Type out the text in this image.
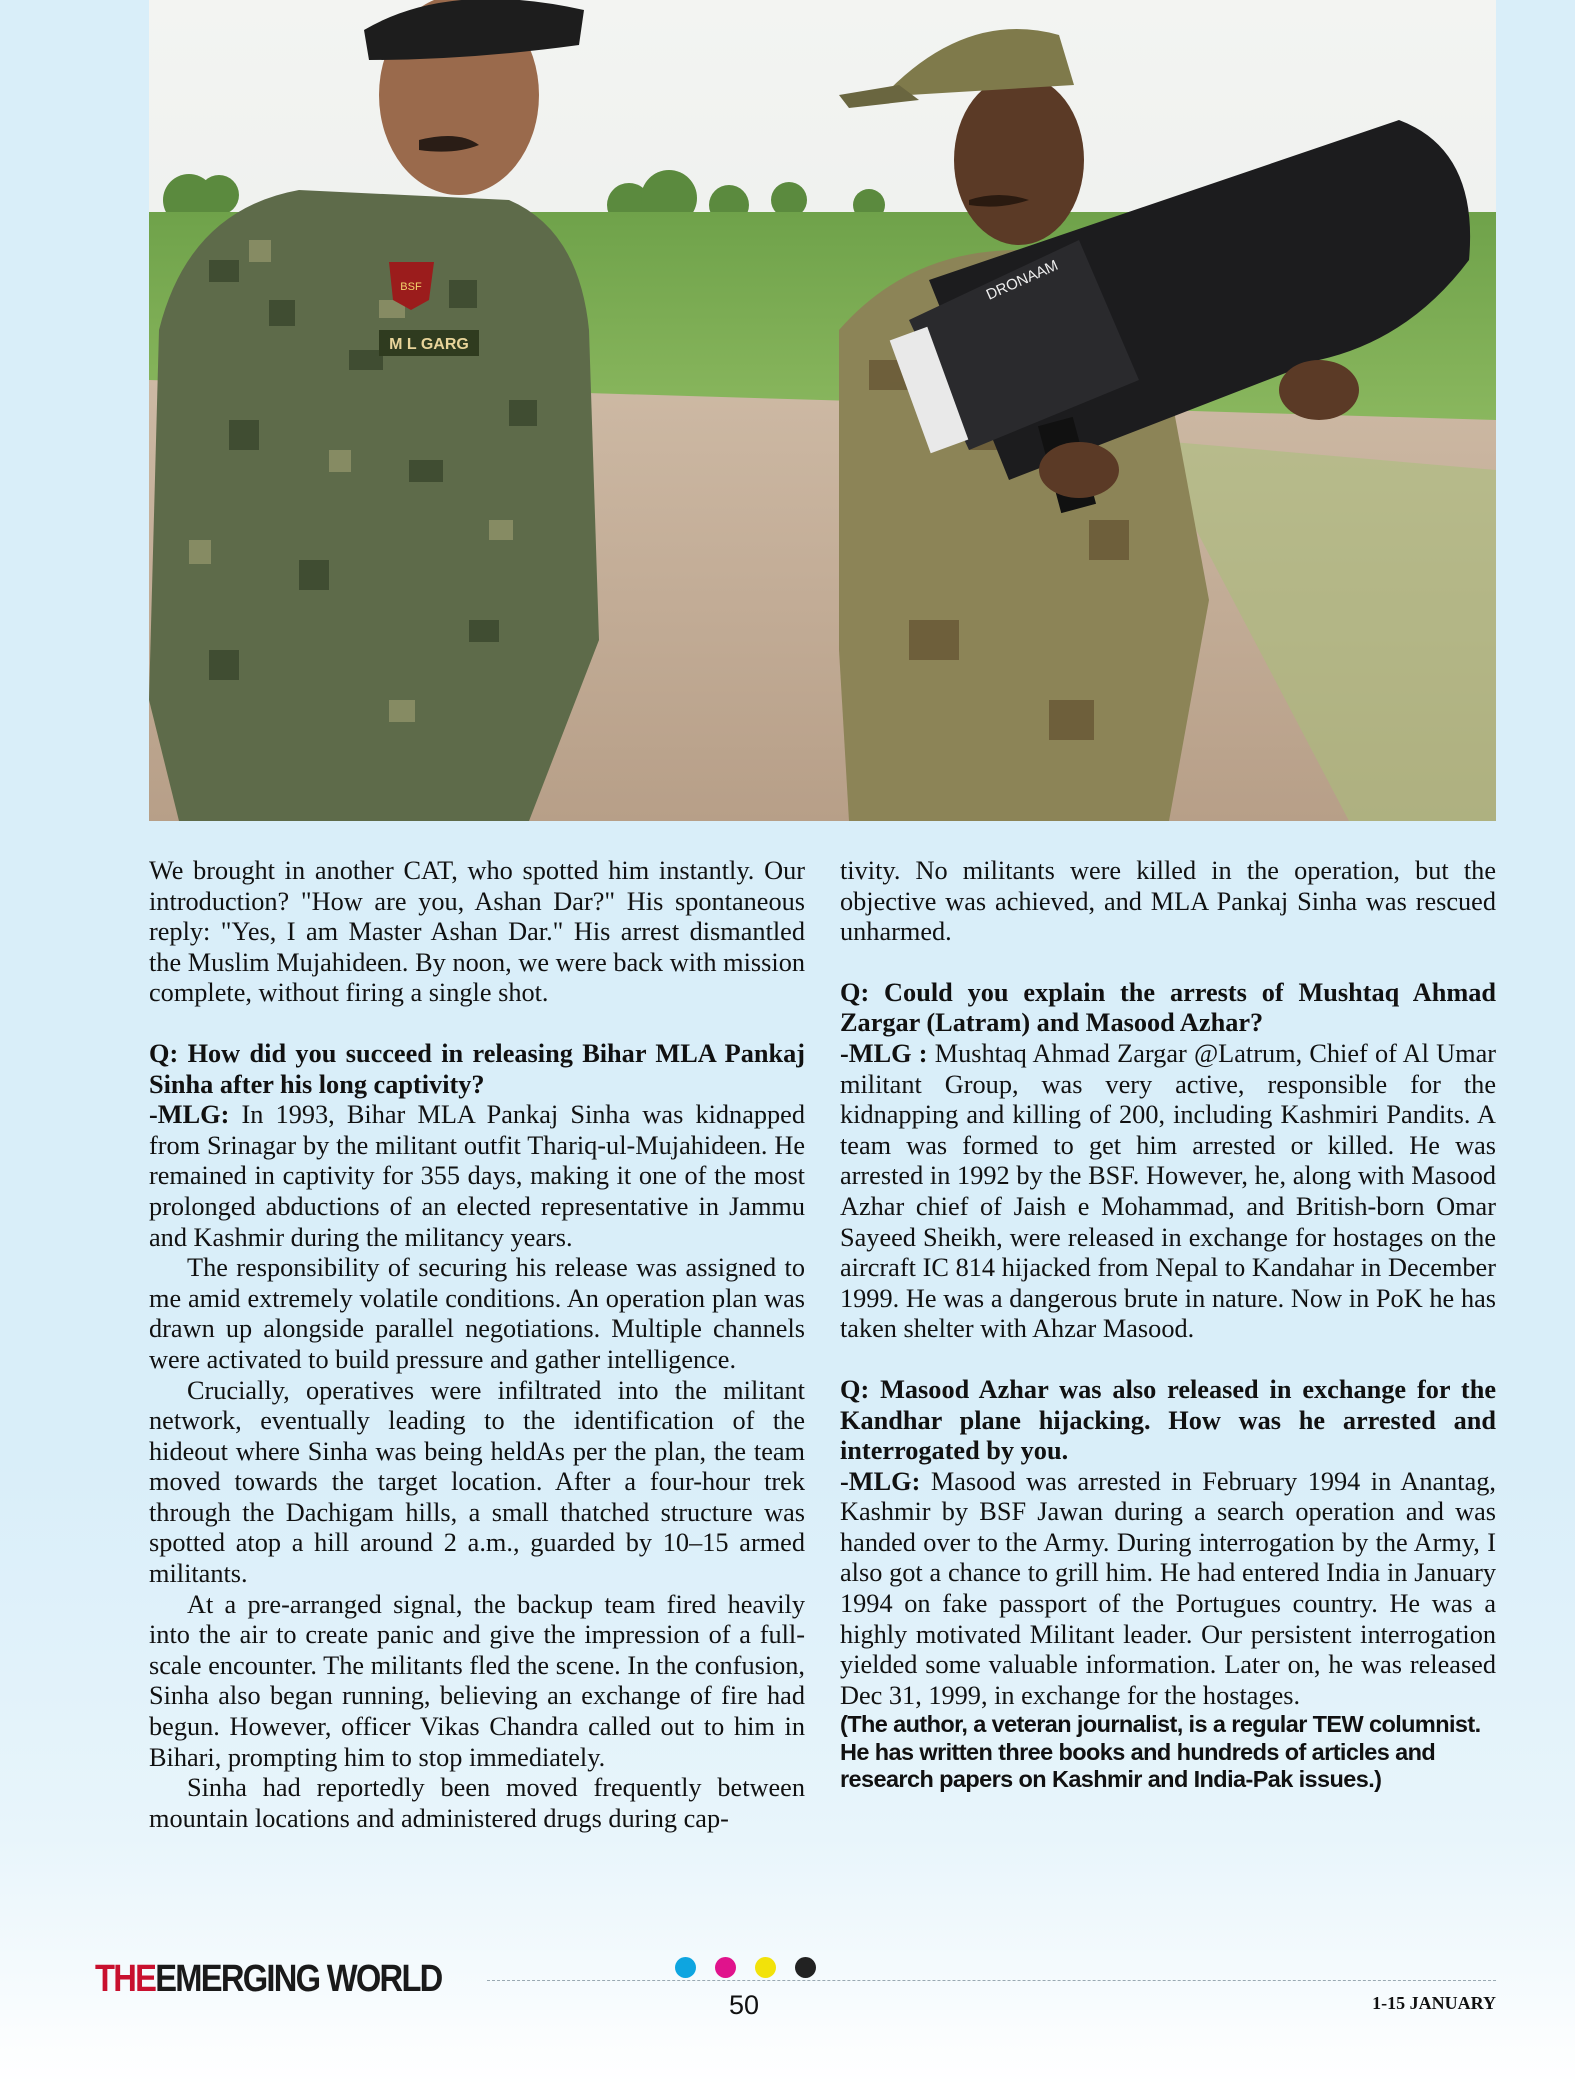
M L GARG
BSF	DRONAAM

We brought in another CAT, who spotted him instantly. Our introduction? "How are you, Ashan Dar?" His spontaneous reply: "Yes, I am Master Ashan Dar." His arrest dismantled the Muslim Mujahideen. By noon, we were back with mission complete, without firing a single shot.

Q: How did you succeed in releasing Bihar MLA Pankaj Sinha after his long captivity?

-MLG: In 1993, Bihar MLA Pankaj Sinha was kidnapped from Srinagar by the militant outfit Thariq-ul-Mujahideen. He remained in captivity for 355 days, making it one of the most prolonged abductions of an elected representative in Jammu and Kashmir during the militancy years.

The responsibility of securing his release was assigned to me amid extremely volatile conditions. An operation plan was drawn up alongside parallel negotiations. Multiple channels were activated to build pressure and gather intelligence.

Crucially, operatives were infiltrated into the militant network, eventually leading to the identification of the hideout where Sinha was being heldAs per the plan, the team moved towards the target location. After a four-hour trek through the Dachigam hills, a small thatched structure was spotted atop a hill around 2 a.m., guarded by 10–15 armed militants.

At a pre-arranged signal, the backup team fired heavily into the air to create panic and give the impression of a full-scale encounter. The militants fled the scene. In the confusion, Sinha also began running, believing an exchange of fire had begun. However, officer Vikas Chandra called out to him in Bihari, prompting him to stop immediately.

Sinha had reportedly been moved frequently between mountain locations and administered drugs during cap-

tivity. No militants were killed in the operation, but the objective was achieved, and MLA Pankaj Sinha was rescued unharmed.

Q: Could you explain the arrests of Mushtaq Ahmad Zargar (Latram) and Masood Azhar?

-MLG : Mushtaq Ahmad Zargar @Latrum, Chief of Al Umar militant Group, was very active, responsible for the kidnapping and killing of 200, including Kashmiri Pandits. A team was formed to get him arrested or killed. He was arrested in 1992 by the BSF. However, he, along with Masood Azhar chief of Jaish e Mohammad, and British-born Omar Sayeed Sheikh, were released in exchange for hostages on the aircraft IC 814 hijacked from Nepal to Kandahar in December 1999. He was a dangerous brute in nature. Now in PoK he has taken shelter with Ahzar Masood.

Q: Masood Azhar was also released in exchange for the Kandhar plane hijacking. How was he arrested and interrogated by you.

-MLG: Masood was arrested in February 1994 in Anantag, Kashmir by BSF Jawan during a search operation and was handed over to the Army. During interrogation by the Army, I also got a chance to grill him. He had entered India in January 1994 on fake passport of the Portugues country. He was a highly motivated Militant leader. Our persistent interrogation yielded some valuable information. Later on, he was released Dec 31, 1999, in exchange for the hostages.

(The author, a veteran journalist, is a regular TEW columnist. He has written three books and hundreds of articles and research papers on Kashmir and India-Pak issues.)

THEEMERGING WORLD
50	1-15 JANUARY
